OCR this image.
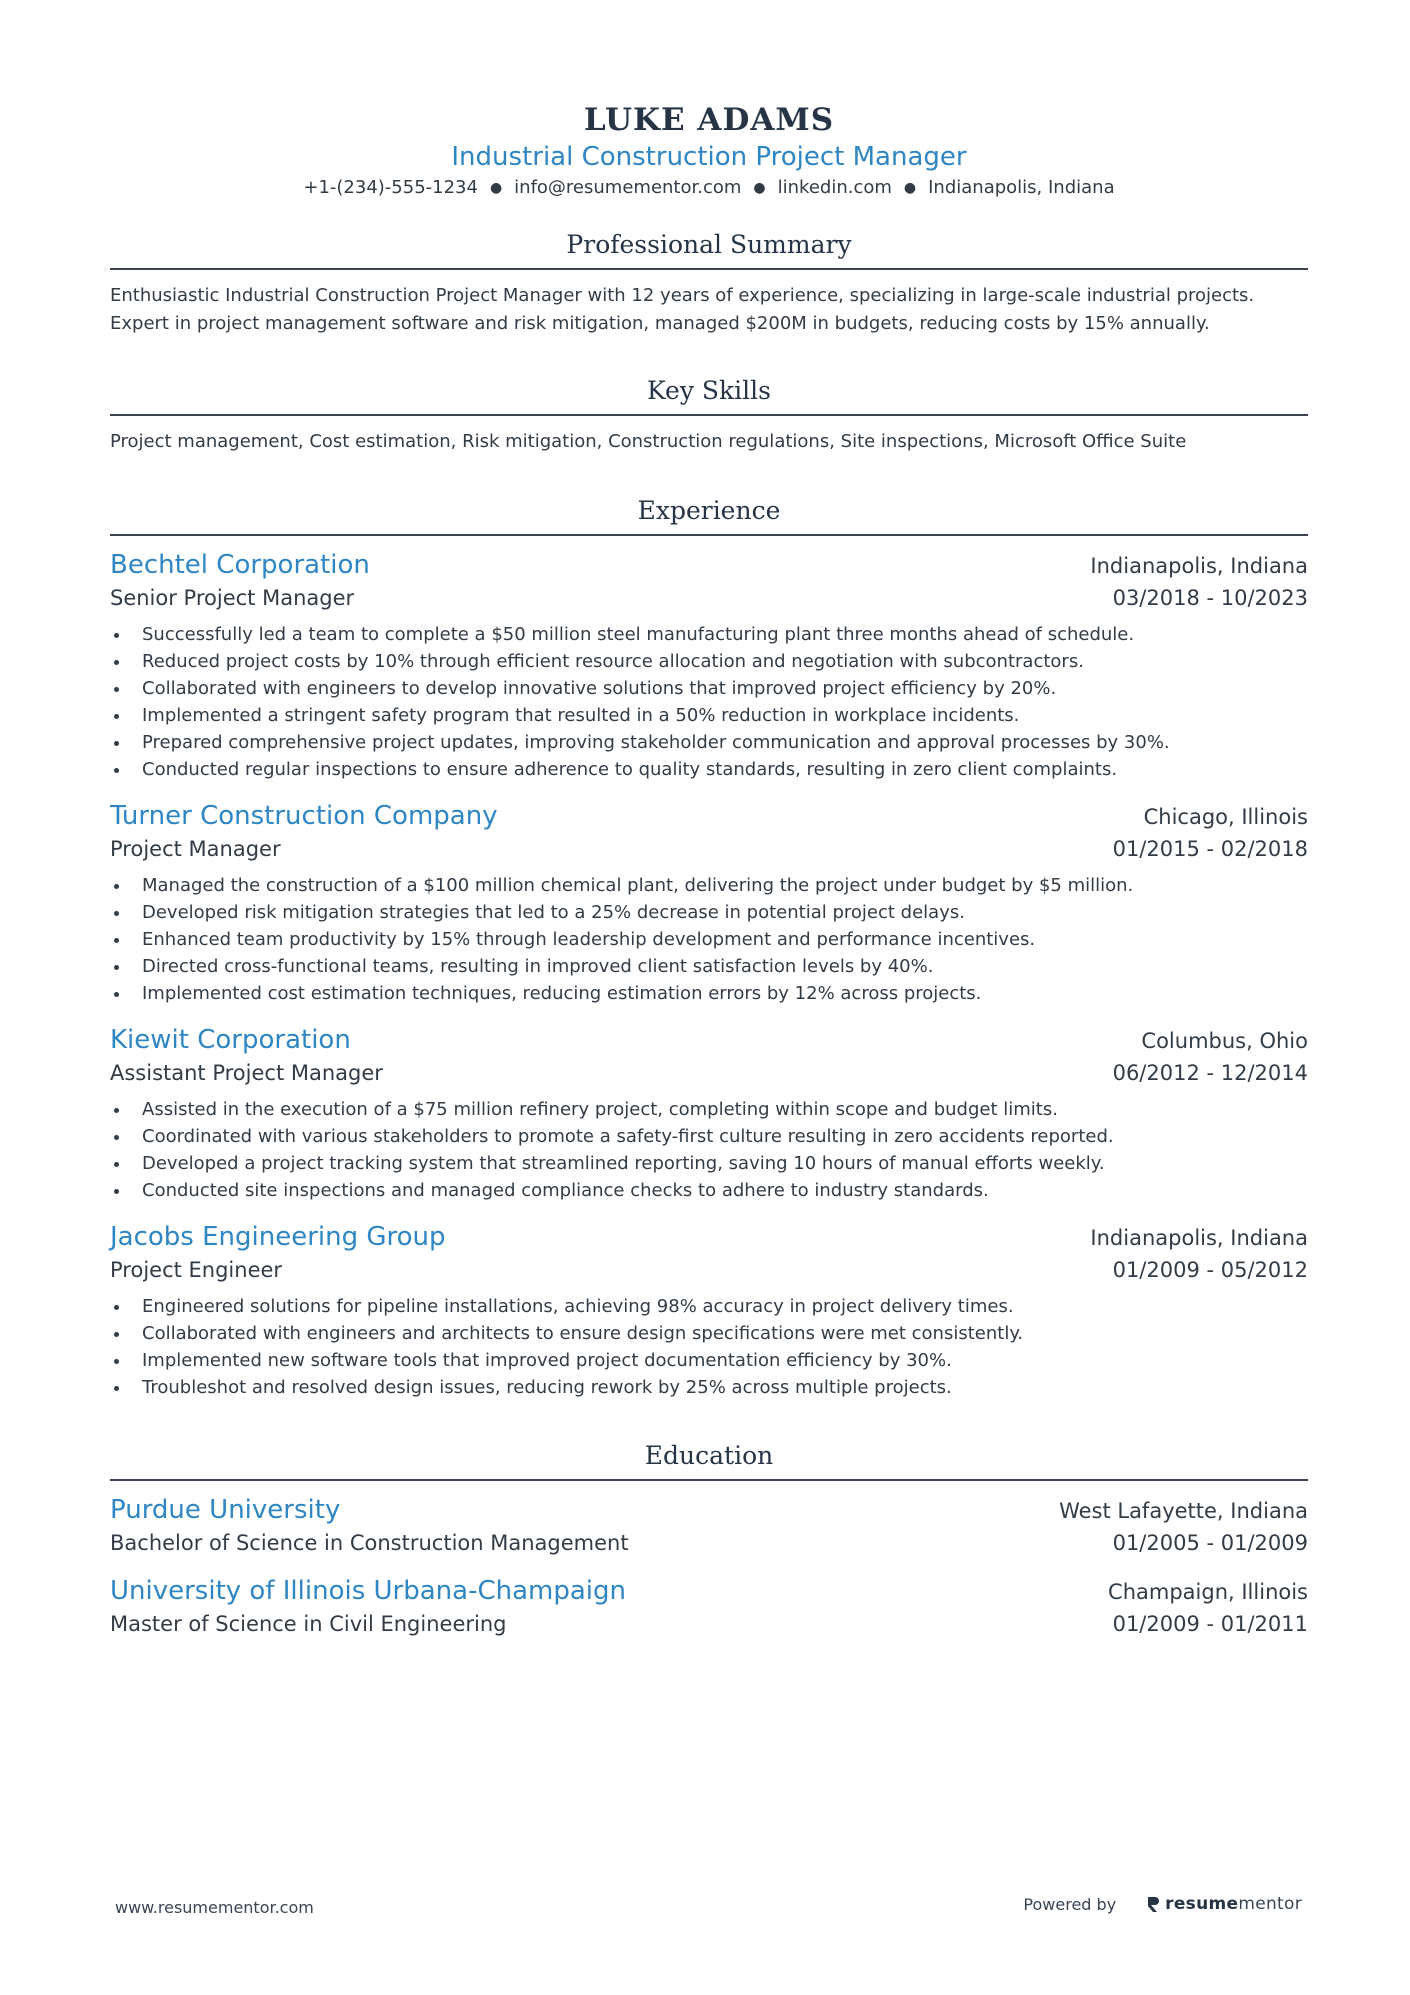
LUKE ADAMS
Industrial Construction Project Manager
+1-(234)-555-1234 ● info@resumementor.com ● linkedin.com ● Indianapolis, Indiana
Professional Summary
Enthusiastic Industrial Construction Project Manager with 12 years of experience, specializing in large-scale industrial projects.
Expert in project management software and risk mitigation, managed $200M in budgets, reducing costs by 15% annually.
Key Skills
Project management, Cost estimation, Risk mitigation, Construction regulations, Site inspections, Microsoft Office Suite
Experience
Bechtel Corporation	Indianapolis, Indiana
Senior Project Manager	03/2018 - 10/2023
Successfully led a team to complete a $50 million steel manufacturing plant three months ahead of schedule.
Reduced project costs by 10% through efficient resource allocation and negotiation with subcontractors.
Collaborated with engineers to develop innovative solutions that improved project efficiency by 20%.
Implemented a stringent safety program that resulted in a 50% reduction in workplace incidents.
Prepared comprehensive project updates, improving stakeholder communication and approval processes by 30%.
Conducted regular inspections to ensure adherence to quality standards, resulting in zero client complaints.
Turner Construction Company	Chicago, Illinois
Project Manager	01/2015 - 02/2018
Managed the construction of a $100 million chemical plant, delivering the project under budget by $5 million.
Developed risk mitigation strategies that led to a 25% decrease in potential project delays.
Enhanced team productivity by 15% through leadership development and performance incentives.
Directed cross-functional teams, resulting in improved client satisfaction levels by 40%.
Implemented cost estimation techniques, reducing estimation errors by 12% across projects.
Kiewit Corporation	Columbus, Ohio
Assistant Project Manager	06/2012 - 12/2014
Assisted in the execution of a $75 million refinery project, completing within scope and budget limits.
Coordinated with various stakeholders to promote a safety-first culture resulting in zero accidents reported.
Developed a project tracking system that streamlined reporting, saving 10 hours of manual efforts weekly.
Conducted site inspections and managed compliance checks to adhere to industry standards.
Jacobs Engineering Group	Indianapolis, Indiana
Project Engineer	01/2009 - 05/2012
Engineered solutions for pipeline installations, achieving 98% accuracy in project delivery times.
Collaborated with engineers and architects to ensure design specifications were met consistently.
Implemented new software tools that improved project documentation efficiency by 30%.
Troubleshot and resolved design issues, reducing rework by 25% across multiple projects.
Education
Purdue University	West Lafayette, Indiana
Bachelor of Science in Construction Management	01/2005 - 01/2009
University of Illinois Urbana-Champaign	Champaign, Illinois
Master of Science in Civil Engineering	01/2009 - 01/2011
www.resumementor.com	Powered by	resumementor
